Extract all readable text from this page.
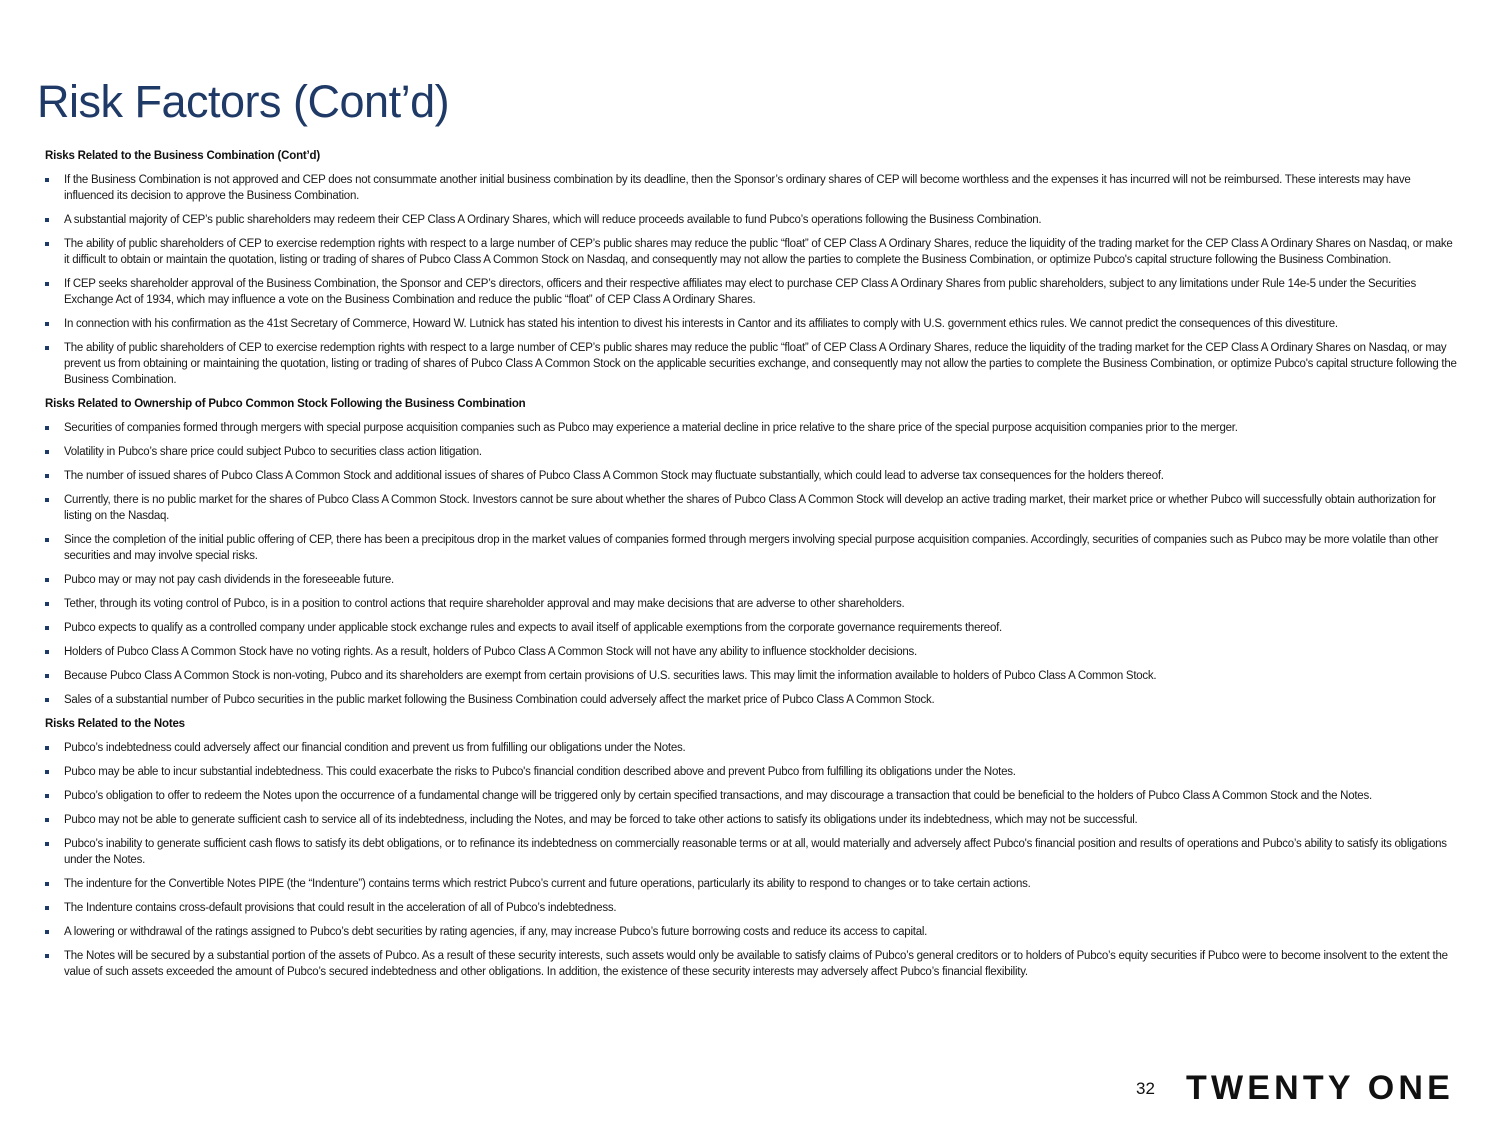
Risk Factors (Cont’d)
Risks Related to the Business Combination (Cont’d)
If the Business Combination is not approved and CEP does not consummate another initial business combination by its deadline, then the Sponsor’s ordinary shares of CEP will become worthless and the expenses it has incurred will not be reimbursed. These interests may have influenced its decision to approve the Business Combination.
A substantial majority of CEP’s public shareholders may redeem their CEP Class A Ordinary Shares, which will reduce proceeds available to fund Pubco’s operations following the Business Combination.
The ability of public shareholders of CEP to exercise redemption rights with respect to a large number of CEP’s public shares may reduce the public “float” of CEP Class A Ordinary Shares, reduce the liquidity of the trading market for the CEP Class A Ordinary Shares on Nasdaq, or make it difficult to obtain or maintain the quotation, listing or trading of shares of Pubco Class A Common Stock on Nasdaq, and consequently may not allow the parties to complete the Business Combination, or optimize Pubco's capital structure following the Business Combination.
If CEP seeks shareholder approval of the Business Combination, the Sponsor and CEP’s directors, officers and their respective affiliates may elect to purchase CEP Class A Ordinary Shares from public shareholders, subject to any limitations under Rule 14e-5 under the Securities Exchange Act of 1934, which may influence a vote on the Business Combination and reduce the public “float” of CEP Class A Ordinary Shares.
In connection with his confirmation as the 41st Secretary of Commerce, Howard W. Lutnick has stated his intention to divest his interests in Cantor and its affiliates to comply with U.S. government ethics rules. We cannot predict the consequences of this divestiture.
The ability of public shareholders of CEP to exercise redemption rights with respect to a large number of CEP’s public shares may reduce the public “float” of CEP Class A Ordinary Shares, reduce the liquidity of the trading market for the CEP Class A Ordinary Shares on Nasdaq, or may prevent us from obtaining or maintaining the quotation, listing or trading of shares of Pubco Class A Common Stock on the applicable securities exchange, and consequently may not allow the parties to complete the Business Combination, or optimize Pubco's capital structure following the Business Combination.
Risks Related to Ownership of Pubco Common Stock Following the Business Combination
Securities of companies formed through mergers with special purpose acquisition companies such as Pubco may experience a material decline in price relative to the share price of the special purpose acquisition companies prior to the merger.
Volatility in Pubco’s share price could subject Pubco to securities class action litigation.
The number of issued shares of Pubco Class A Common Stock and additional issues of shares of Pubco Class A Common Stock may fluctuate substantially, which could lead to adverse tax consequences for the holders thereof.
Currently, there is no public market for the shares of Pubco Class A Common Stock. Investors cannot be sure about whether the shares of Pubco Class A Common Stock will develop an active trading market, their market price or whether Pubco will successfully obtain authorization for listing on the Nasdaq.
Since the completion of the initial public offering of CEP, there has been a precipitous drop in the market values of companies formed through mergers involving special purpose acquisition companies. Accordingly, securities of companies such as Pubco may be more volatile than other securities and may involve special risks.
Pubco may or may not pay cash dividends in the foreseeable future.
Tether, through its voting control of Pubco, is in a position to control actions that require shareholder approval and may make decisions that are adverse to other shareholders.
Pubco expects to qualify as a controlled company under applicable stock exchange rules and expects to avail itself of applicable exemptions from the corporate governance requirements thereof.
Holders of Pubco Class A Common Stock have no voting rights. As a result, holders of Pubco Class A Common Stock will not have any ability to influence stockholder decisions.
Because Pubco Class A Common Stock is non-voting, Pubco and its shareholders are exempt from certain provisions of U.S. securities laws. This may limit the information available to holders of Pubco Class A Common Stock.
Sales of a substantial number of Pubco securities in the public market following the Business Combination could adversely affect the market price of Pubco Class A Common Stock.
Risks Related to the Notes
Pubco’s indebtedness could adversely affect our financial condition and prevent us from fulfilling our obligations under the Notes.
Pubco may be able to incur substantial indebtedness. This could exacerbate the risks to Pubco's financial condition described above and prevent Pubco from fulfilling its obligations under the Notes.
Pubco’s obligation to offer to redeem the Notes upon the occurrence of a fundamental change will be triggered only by certain specified transactions, and may discourage a transaction that could be beneficial to the holders of Pubco Class A Common Stock and the Notes.
Pubco may not be able to generate sufficient cash to service all of its indebtedness, including the Notes, and may be forced to take other actions to satisfy its obligations under its indebtedness, which may not be successful.
Pubco’s inability to generate sufficient cash flows to satisfy its debt obligations, or to refinance its indebtedness on commercially reasonable terms or at all, would materially and adversely affect Pubco's financial position and results of operations and Pubco’s ability to satisfy its obligations under the Notes.
The indenture for the Convertible Notes PIPE (the “Indenture”) contains terms which restrict Pubco’s current and future operations, particularly its ability to respond to changes or to take certain actions.
The Indenture contains cross-default provisions that could result in the acceleration of all of Pubco’s indebtedness.
A lowering or withdrawal of the ratings assigned to Pubco’s debt securities by rating agencies, if any, may increase Pubco’s future borrowing costs and reduce its access to capital.
The Notes will be secured by a substantial portion of the assets of Pubco. As a result of these security interests, such assets would only be available to satisfy claims of Pubco’s general creditors or to holders of Pubco’s equity securities if Pubco were to become insolvent to the extent the value of such assets exceeded the amount of Pubco’s secured indebtedness and other obligations. In addition, the existence of these security interests may adversely affect Pubco’s financial flexibility.
32 TWENTY ONE
